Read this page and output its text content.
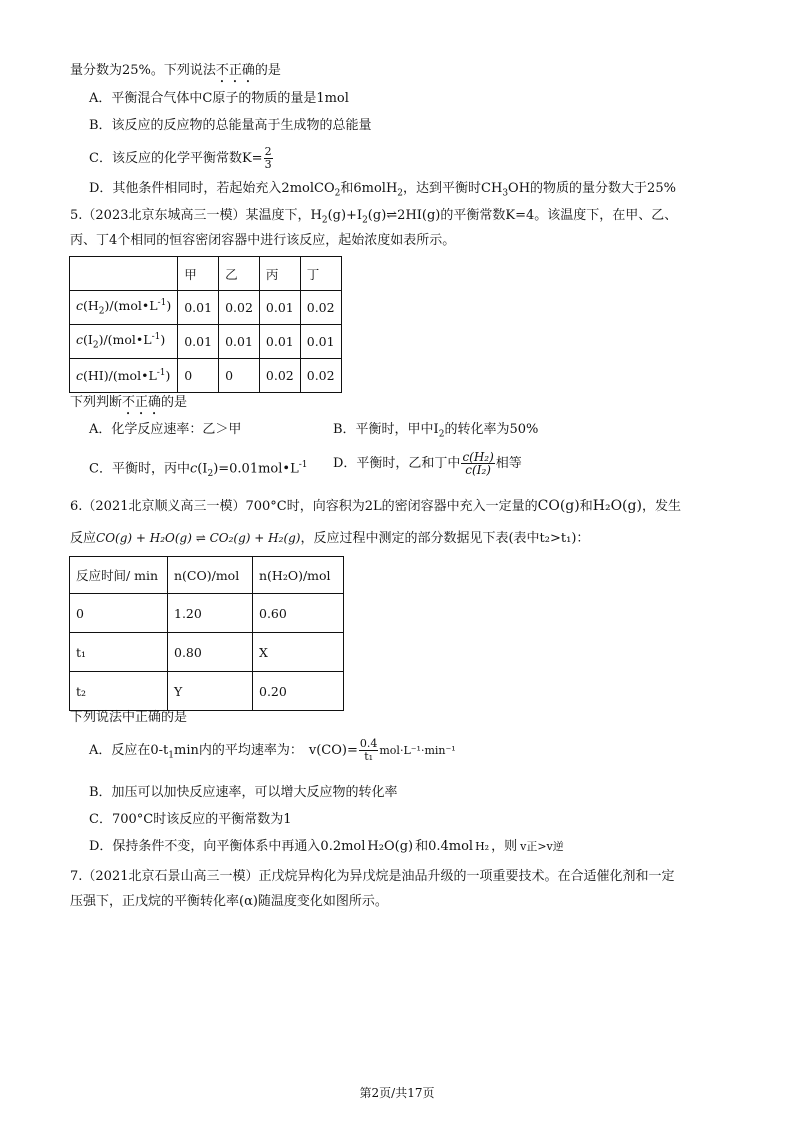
量分数为25%。下列说法不正确的是
A．平衡混合气体中C原子的物质的量是1mol
B．该反应的反应物的总能量高于生成物的总能量
C．该反应的化学平衡常数$K= \frac{2}{3}$
D．其他条件相同时，若起始充入2molCO$_2$和6molH$_2$，达到平衡时$CH_3OH$的物质的量分数大于25%
5.（2023北京东城高三一模）某温度下，$H_2(g)+I_2(g)\rightleftharpoons 2HI(g)$的平衡常数K=4。该温度下，在甲、乙、
丙、丁4个相同的恒容密闭容器中进行该反应，起始浓度如表所示。
	甲	乙	丙	丁
$c(H_2)/(mol•L^{-1})$	0.01	0.02	0.01	0.02
$c(I_2)/(mol•L^{-1})$	0.01	0.01	0.01	0.01
$c(HI)/(mol•L^{-1})$	0	0	0.02	0.02
下列判断不正确的是
A．化学反应速率：乙＞甲	B．平衡时，甲中$I_2$的转化率为50%
C．平衡时，丙中$c(I_2)=0.01mol•L^{-1}$ D．平衡时，乙和丁中 $\frac{\text{c(H₂)}}{\text{c(I₂)}}$ 相等
6.（2021北京顺义高三一模）700°C时，向容积为2L的密闭容器中充入一定量的CO(g)和H₂O(g)，发生
反应CO(g) + H₂O(g) ⇌ CO₂(g) + H₂(g)，反应过程中测定的部分数据见下表(表中t₂>t₁)：
反应时间/ min	n(CO)/mol	n(H₂O)/mol
0	1.20	0.60
t₁	0.80	X
t₂	Y	0.20
下列说法中正确的是
A．反应在$0-t_1\min$内的平均速率为： $v(CO)= \frac{0.4}{\text{t₁}} mol\cdot L^{-1}\cdot\min^{-1}$
B．加压可以加快反应速率，可以增大反应物的转化率
C．700°C时该反应的平衡常数为1
D．保持条件不变，向平衡体系中再通入0.2mol H₂O(g) 和0.4mol H₂ ，则 v正>v逆
7.（2021北京石景山高三一模）正戊烷异构化为异戊烷是油品升级的一项重要技术。在合适催化剂和一定
压强下，正戊烷的平衡转化率(α)随温度变化如图所示。
第2页/共17页
